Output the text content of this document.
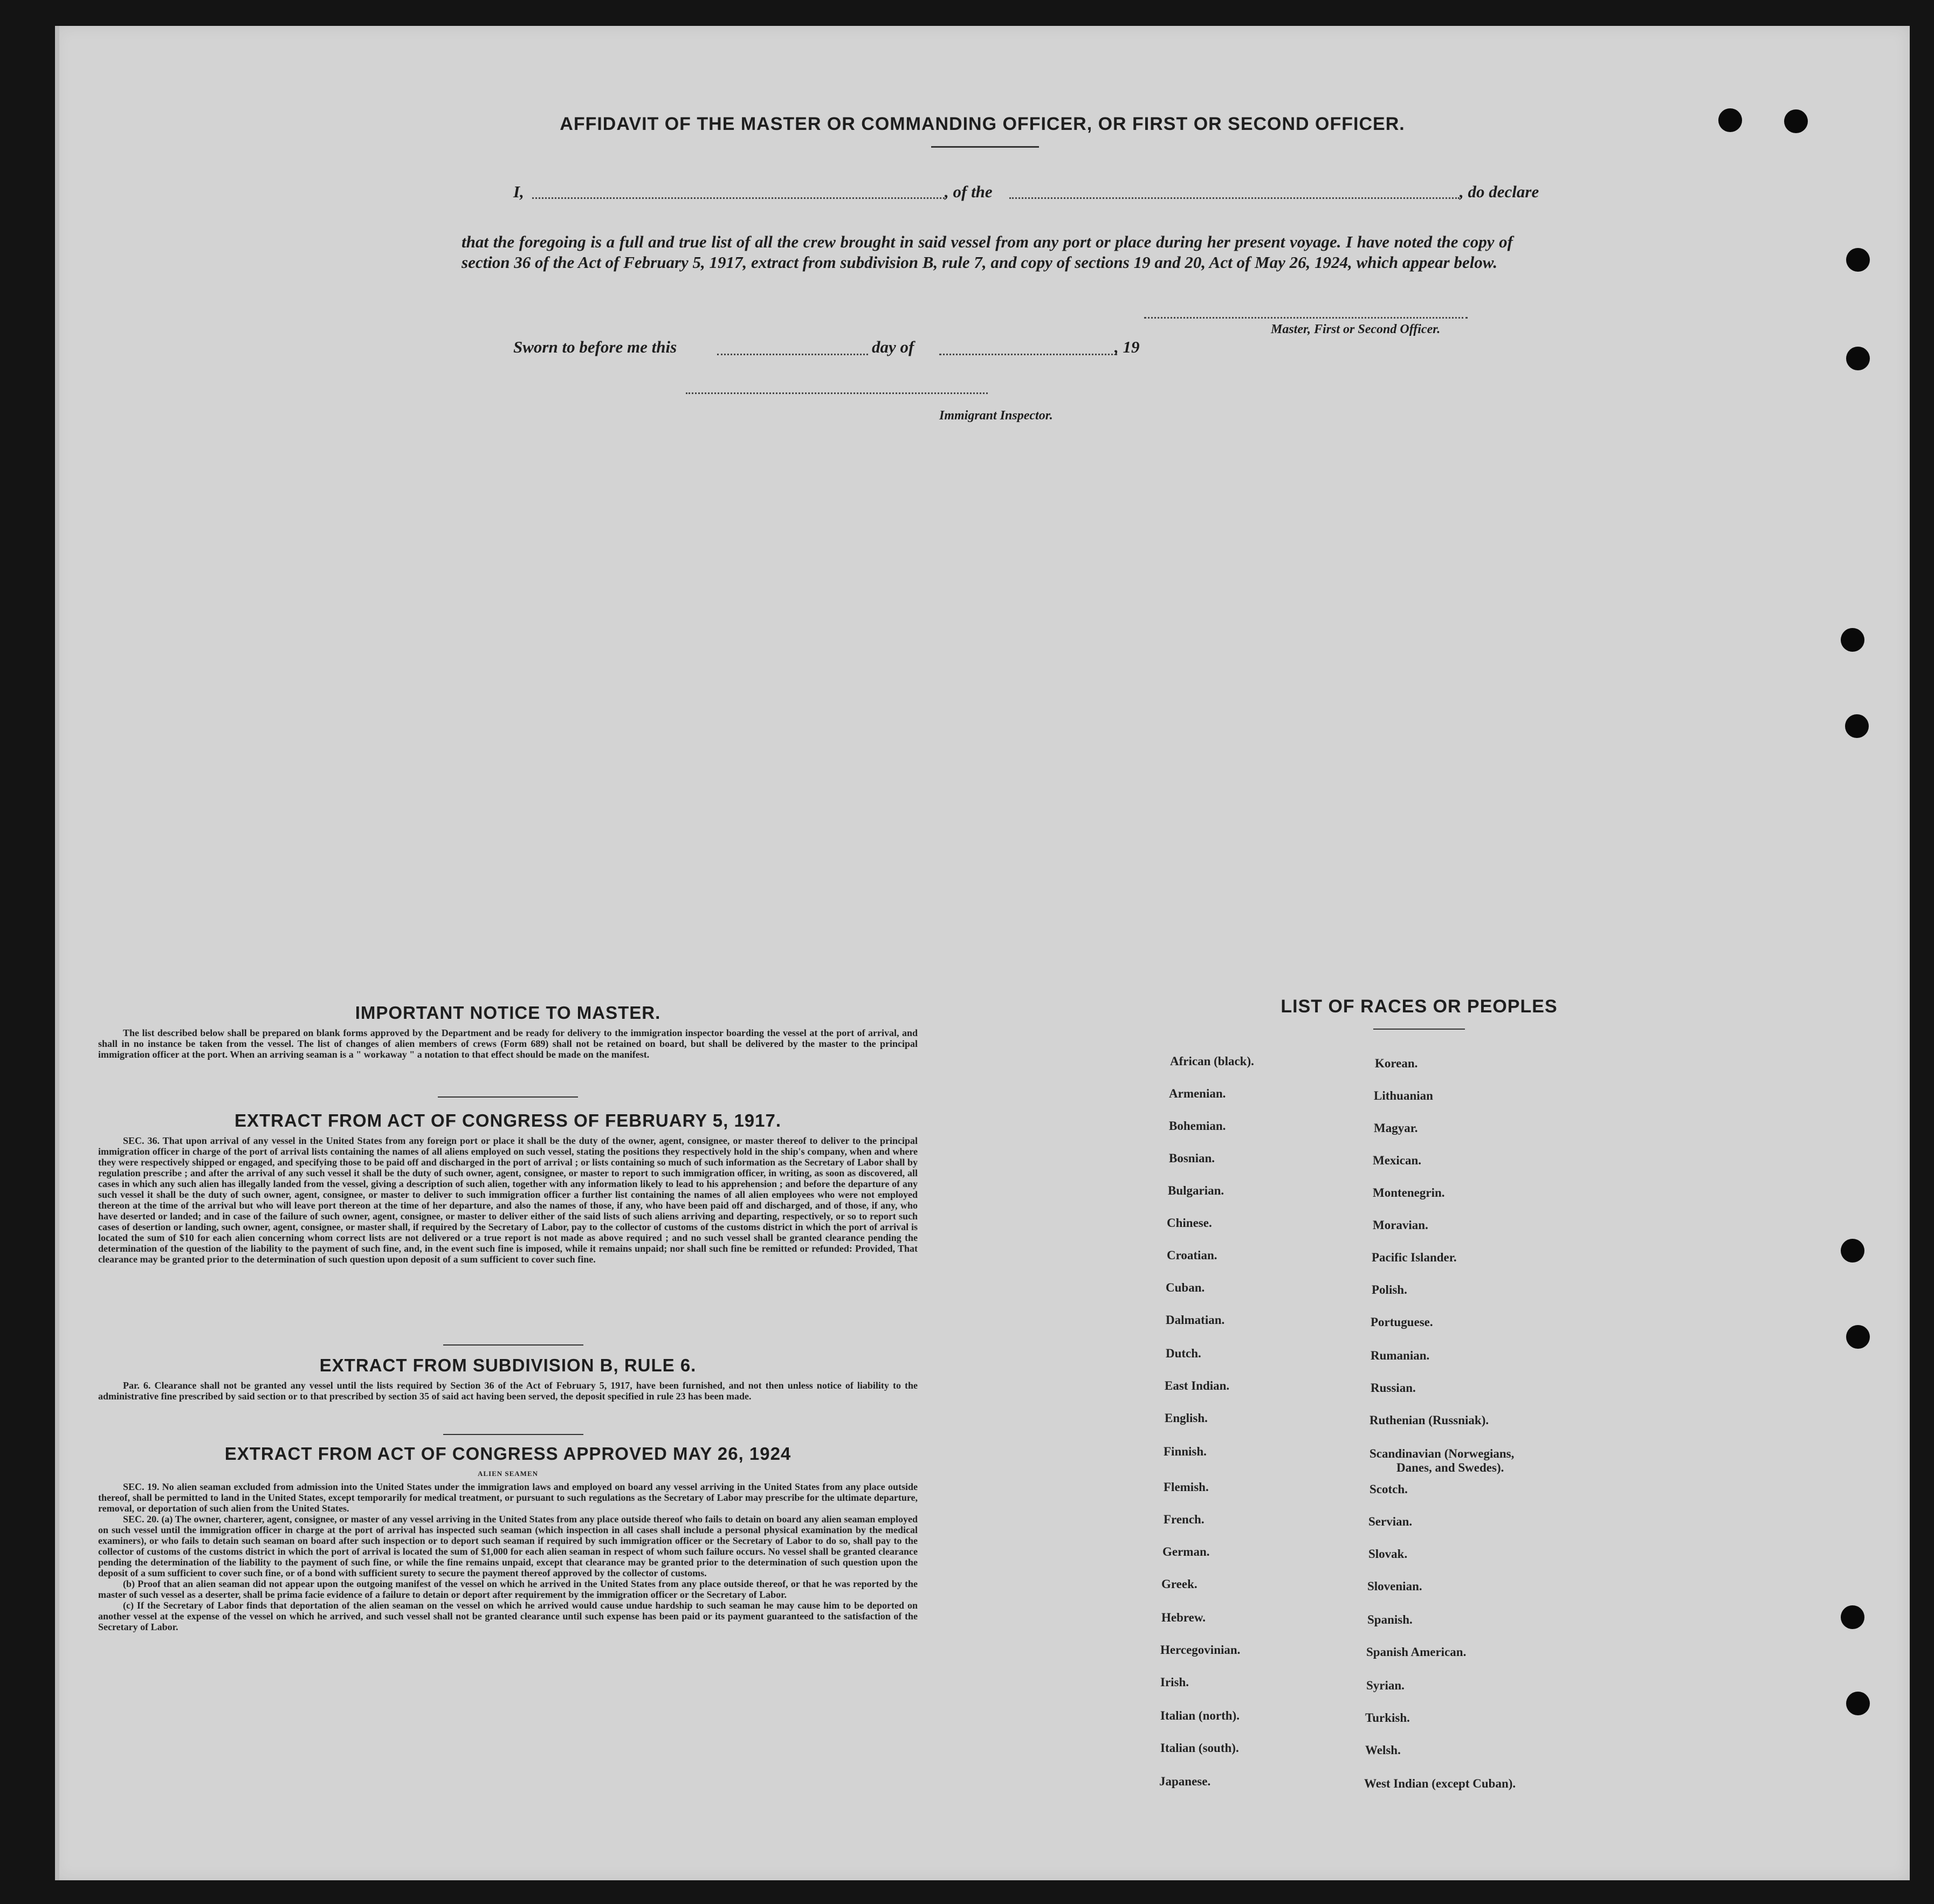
AFFIDAVIT OF THE MASTER OR COMMANDING OFFICER, OR FIRST OR SECOND OFFICER.
I,	, of the	, do declare
that the foregoing is a full and true list of all the crew brought in said vessel from any port or place during her present voyage. I have noted the copy of section 36 of the Act of February 5, 1917, extract from subdivision B, rule 7, and copy of sections 19 and 20, Act of May 26, 1924, which appear below.
Master, First or Second Officer.
Sworn to before me this	day of	, 19
Immigrant Inspector.
IMPORTANT NOTICE TO MASTER.

The list described below shall be prepared on blank forms approved by the Department and be ready for delivery to the immigration inspector boarding the vessel at the port of arrival, and shall in no instance be taken from the vessel. The list of changes of alien members of crews (Form 689) shall not be retained on board, but shall be delivered by the master to the principal immigration officer at the port. When an arriving seaman is a " workaway " a notation to that effect should be made on the manifest.

EXTRACT FROM ACT OF CONGRESS OF FEBRUARY 5, 1917.

SEC. 36. That upon arrival of any vessel in the United States from any foreign port or place it shall be the duty of the owner, agent, consignee, or master thereof to deliver to the principal immigration officer in charge of the port of arrival lists containing the names of all aliens employed on such vessel, stating the positions they respectively hold in the ship's company, when and where they were respectively shipped or engaged, and specifying those to be paid off and discharged in the port of arrival ; or lists containing so much of such information as the Secretary of Labor shall by regulation prescribe ; and after the arrival of any such vessel it shall be the duty of such owner, agent, consignee, or master to report to such immigration officer, in writing, as soon as discovered, all cases in which any such alien has illegally landed from the vessel, giving a description of such alien, together with any information likely to lead to his apprehension ; and before the departure of any such vessel it shall be the duty of such owner, agent, consignee, or master to deliver to such immigration officer a further list containing the names of all alien employees who were not employed thereon at the time of the arrival but who will leave port thereon at the time of her departure, and also the names of those, if any, who have been paid off and discharged, and of those, if any, who have deserted or landed; and in case of the failure of such owner, agent, consignee, or master to deliver either of the said lists of such aliens arriving and departing, respectively, or so to report such cases of desertion or landing, such owner, agent, consignee, or master shall, if required by the Secretary of Labor, pay to the collector of customs of the customs district in which the port of arrival is located the sum of $10 for each alien concerning whom correct lists are not delivered or a true report is not made as above required ; and no such vessel shall be granted clearance pending the determination of the question of the liability to the payment of such fine, and, in the event such fine is imposed, while it remains unpaid; nor shall such fine be remitted or refunded: Provided, That clearance may be granted prior to the determination of such question upon deposit of a sum sufficient to cover such fine.

EXTRACT FROM SUBDIVISION B, RULE 6.

Par. 6. Clearance shall not be granted any vessel until the lists required by Section 36 of the Act of February 5, 1917, have been furnished, and not then unless notice of liability to the administrative fine prescribed by said section or to that prescribed by section 35 of said act having been served, the deposit specified in rule 23 has been made.

EXTRACT FROM ACT OF CONGRESS APPROVED MAY 26, 1924
ALIEN SEAMEN

SEC. 19. No alien seaman excluded from admission into the United States under the immigration laws and employed on board any vessel arriving in the United States from any place outside thereof, shall be permitted to land in the United States, except temporarily for medical treatment, or pursuant to such regulations as the Secretary of Labor may prescribe for the ultimate departure, removal, or deportation of such alien from the United States.

SEC. 20. (a) The owner, charterer, agent, consignee, or master of any vessel arriving in the United States from any place outside thereof who fails to detain on board any alien seaman employed on such vessel until the immigration officer in charge at the port of arrival has inspected such seaman (which inspection in all cases shall include a personal physical examination by the medical examiners), or who fails to detain such seaman on board after such inspection or to deport such seaman if required by such immigration officer or the Secretary of Labor to do so, shall pay to the collector of customs of the customs district in which the port of arrival is located the sum of $1,000 for each alien seaman in respect of whom such failure occurs. No vessel shall be granted clearance pending the determination of the liability to the payment of such fine, or while the fine remains unpaid, except that clearance may be granted prior to the determination of such question upon the deposit of a sum sufficient to cover such fine, or of a bond with sufficient surety to secure the payment thereof approved by the collector of customs.

(b) Proof that an alien seaman did not appear upon the outgoing manifest of the vessel on which he arrived in the United States from any place outside thereof, or that he was reported by the master of such vessel as a deserter, shall be prima facie evidence of a failure to detain or deport after requirement by the immigration officer or the Secretary of Labor.

(c) If the Secretary of Labor finds that deportation of the alien seaman on the vessel on which he arrived would cause undue hardship to such seaman he may cause him to be deported on another vessel at the expense of the vessel on which he arrived, and such vessel shall not be granted clearance until such expense has been paid or its payment guaranteed to the satisfaction of the Secretary of Labor.

LIST OF RACES OR PEOPLES
African (black).
Armenian.
Bohemian.
Bosnian.
Bulgarian.
Chinese.
Croatian.
Cuban.
Dalmatian.
Dutch.
East Indian.
English.
Finnish.
Flemish.
French.
German.
Greek.
Hebrew.
Hercegovinian.
Irish.
Italian (north).
Italian (south).
Japanese.
Korean.
Lithuanian
Magyar.
Mexican.
Montenegrin.
Moravian.
Pacific Islander.
Polish.
Portuguese.
Rumanian.
Russian.
Ruthenian (Russniak).
Scandinavian (Norwegians,
Danes, and Swedes).
Scotch.
Servian.
Slovak.
Slovenian.
Spanish.
Spanish American.
Syrian.
Turkish.
Welsh.
West Indian (except Cuban).
